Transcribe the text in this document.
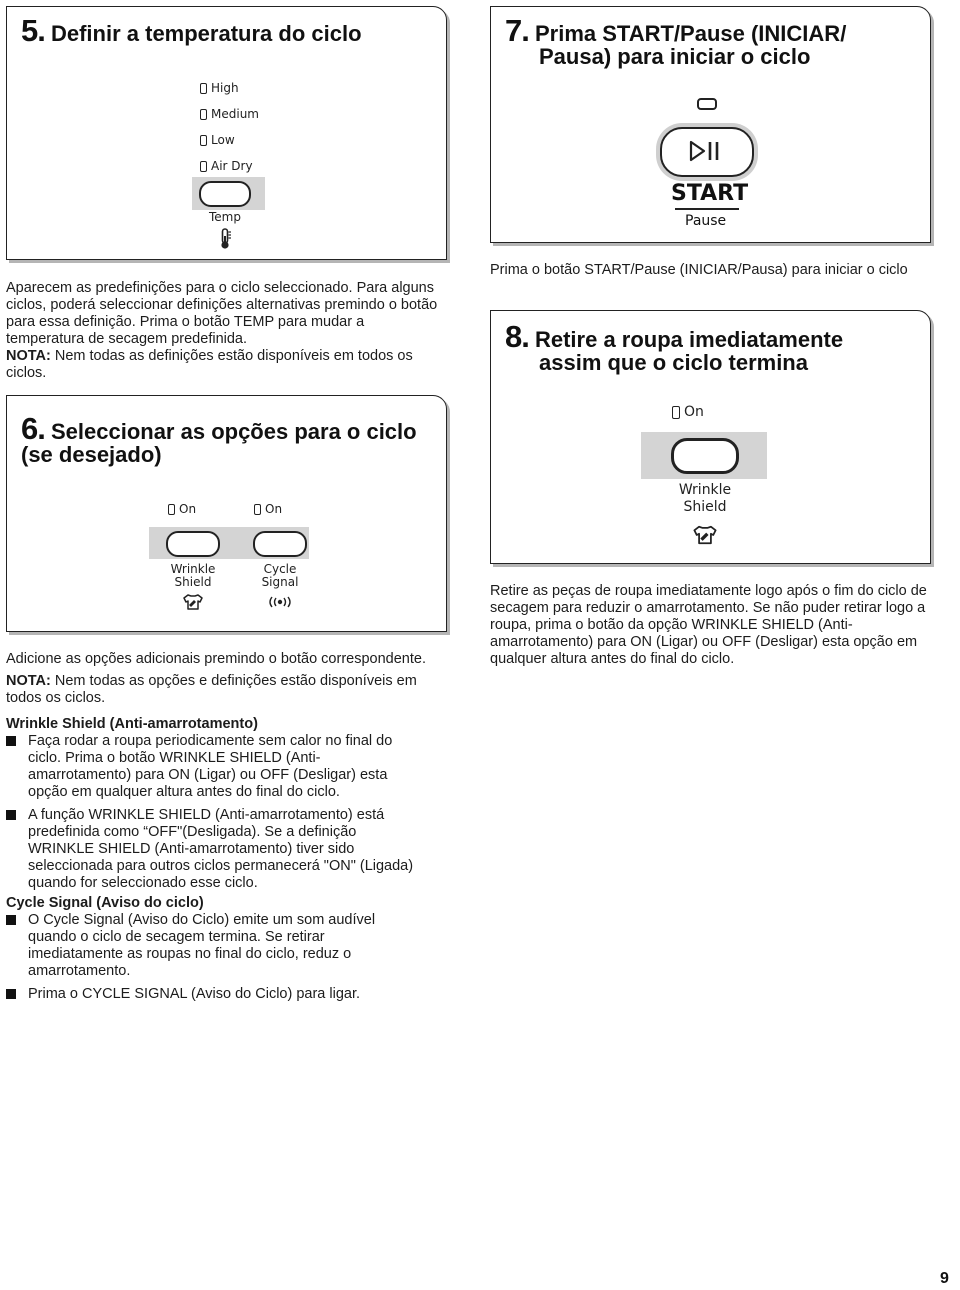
5. Definir a temperatura do ciclo
High
Medium
Low
Air Dry
Temp

Aparecem as predefinições para o ciclo seleccionado. Para alguns ciclos, poderá seleccionar definições alternativas premindo o botão para essa definição. Prima o botão TEMP para mudar a temperatura de secagem predefinida.

NOTA: Nem todas as definições estão disponíveis em todos os ciclos.

6. Seleccionar as opções para o ciclo
(se desejado)
On	On
Wrinkle
Shield
Cycle
Signal

Adicione as opções adicionais premindo o botão correspondente.

NOTA: Nem todas as opções e definições estão disponíveis em todos os ciclos.

Wrinkle Shield (Anti-amarrotamento)

Faça rodar a roupa periodicamente sem calor no final do ciclo. Prima o botão WRINKLE SHIELD (Anti-amarrotamento) para ON (Ligar) ou OFF (Desligar) esta opção em qualquer altura antes do final do ciclo.
A função WRINKLE SHIELD (Anti-amarrotamento) está predefinida como “OFF"(Desligada). Se a definição WRINKLE SHIELD (Anti-amarrotamento) tiver sido seleccionada para outros ciclos permanecerá "ON" (Ligada) quando for seleccionado esse ciclo.

Cycle Signal (Aviso do ciclo)

O Cycle Signal (Aviso do Ciclo) emite um som audível quando o ciclo de secagem termina. Se retirar imediatamente as roupas no final do ciclo, reduz o amarrotamento.
Prima o CYCLE SIGNAL (Aviso do Ciclo) para ligar.
7. Prima START/Pause (INICIAR/
Pausa) para iniciar o ciclo
START
Pause
Prima o botão START/Pause (INICIAR/Pausa) para iniciar o ciclo
8. Retire a roupa imediatamente
assim que o ciclo termina
On
Wrinkle
Shield
Retire as peças de roupa imediatamente logo após o fim do ciclo de secagem para reduzir o amarrotamento. Se não puder retirar logo a roupa, prima o botão da opção WRINKLE SHIELD (Anti-amarrotamento) para ON (Ligar) ou OFF (Desligar) esta opção em qualquer altura antes do final do ciclo.
9
